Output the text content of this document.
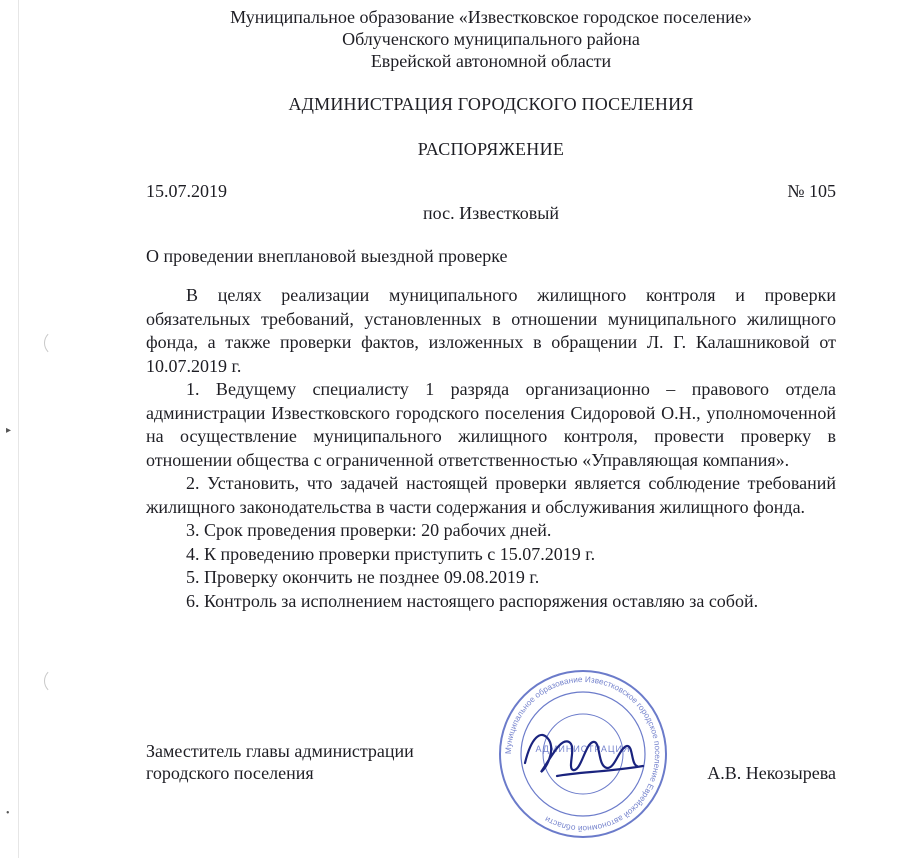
▸
•
Муниципальное образование «Известковское городское поселение»
Облученского муниципального района
Еврейской автономной области
АДМИНИСТРАЦИЯ ГОРОДСКОГО ПОСЕЛЕНИЯ
РАСПОРЯЖЕНИЕ
15.07.2019	№ 105
пос. Известковый
О проведении внеплановой выездной проверке

В целях реализации муниципального жилищного контроля и проверки обязательных требований, установленных в отношении муниципального жилищного фонда, а также проверки фактов, изложенных в обращении Л. Г. Калашниковой от 10.07.2019 г.

1. Ведущему специалисту 1 разряда организационно – правового отдела администрации Известковского городского поселения Сидоровой О.Н., уполномоченной на осуществление муниципального жилищного контроля, провести проверку в отношении общества с ограниченной ответственностью «Управляющая компания».

2. Установить, что задачей настоящей проверки является соблюдение требований жилищного законодательства в части содержания и обслуживания жилищного фонда.

3. Срок проведения проверки: 20 рабочих дней.

4. К проведению проверки приступить с 15.07.2019 г.

5. Проверку окончить не позднее 09.08.2019 г.

6. Контроль за исполнением настоящего распоряжения оставляю за собой.

Заместитель главы администрации
городского поселения	А.В. Некозырева
Муниципальное образование Известковское городское поселение Еврейской автономной области
АДМИНИСТРАЦИЯ
